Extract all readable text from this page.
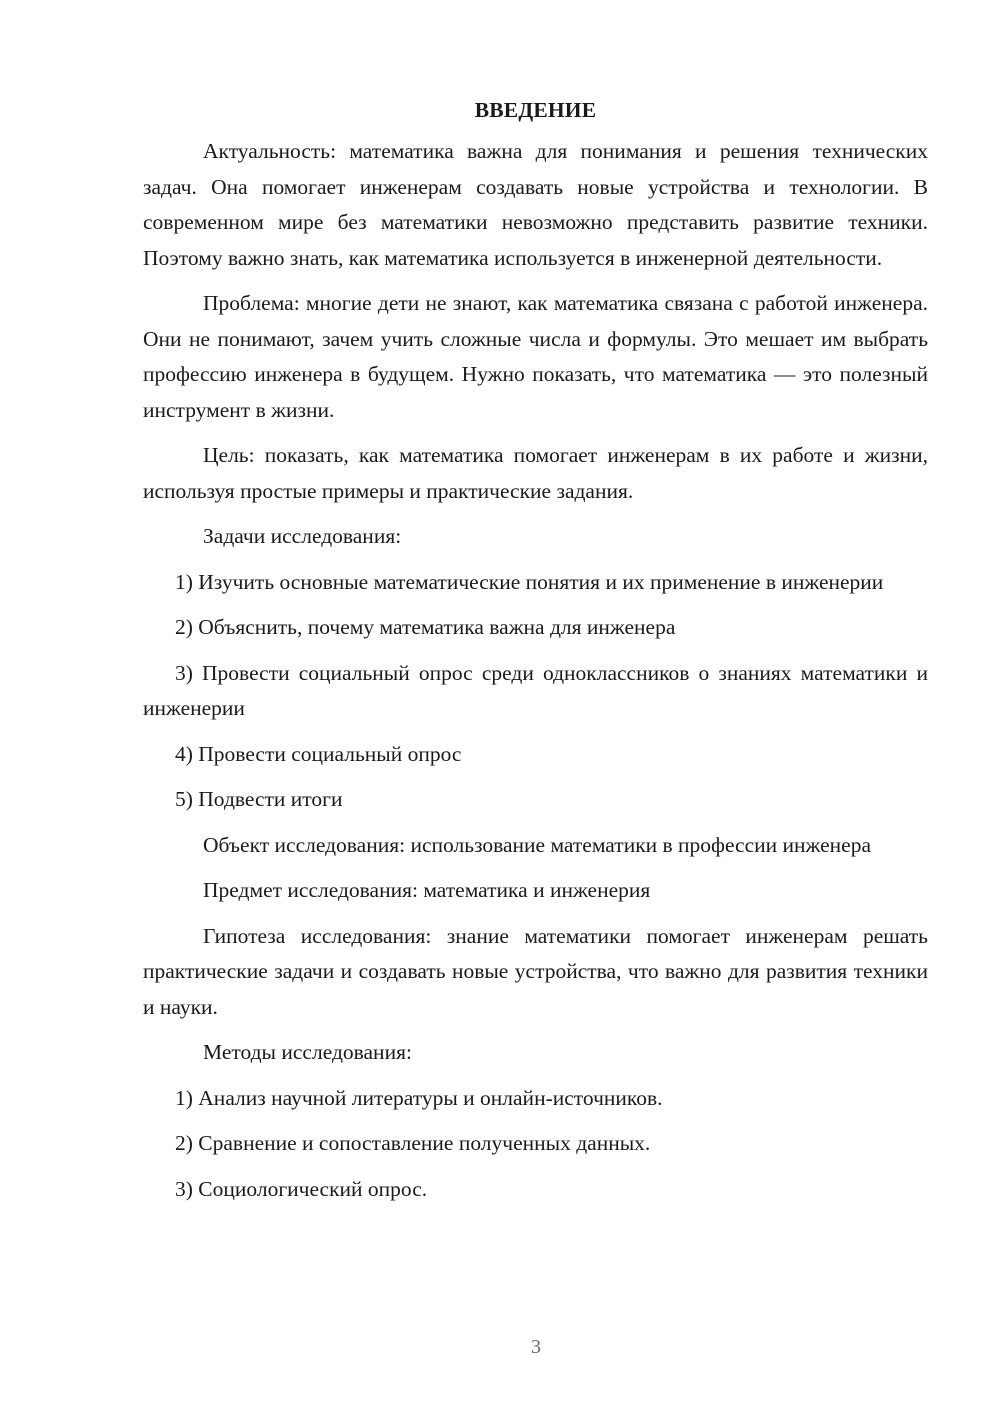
ВВЕДЕНИЕ

Актуальность: математика важна для понимания и решения технических задач. Она помогает инженерам создавать новые устройства и технологии. В современном мире без математики невозможно представить развитие техники. Поэтому важно знать, как математика используется в инженерной деятельности.

Проблема: многие дети не знают, как математика связана с работой инженера. Они не понимают, зачем учить сложные числа и формулы. Это мешает им выбрать профессию инженера в будущем. Нужно показать, что математика — это полезный инструмент в жизни.

Цель: показать, как математика помогает инженерам в их работе и жизни, используя простые примеры и практические задания.

Задачи исследования:

1) Изучить основные математические понятия и их применение в инженерии

2) Объяснить, почему математика важна для инженера

3) Провести социальный опрос среди одноклассников о знаниях математики и инженерии

4) Провести социальный опрос

5) Подвести итоги

Объект исследования: использование математики в профессии инженера

Предмет исследования: математика и инженерия

Гипотеза исследования: знание математики помогает инженерам решать практические задачи и создавать новые устройства, что важно для развития техники и науки.

Методы исследования:

1) Анализ научной литературы и онлайн-источников.

2) Сравнение и сопоставление полученных данных.

3) Социологический опрос.

3
